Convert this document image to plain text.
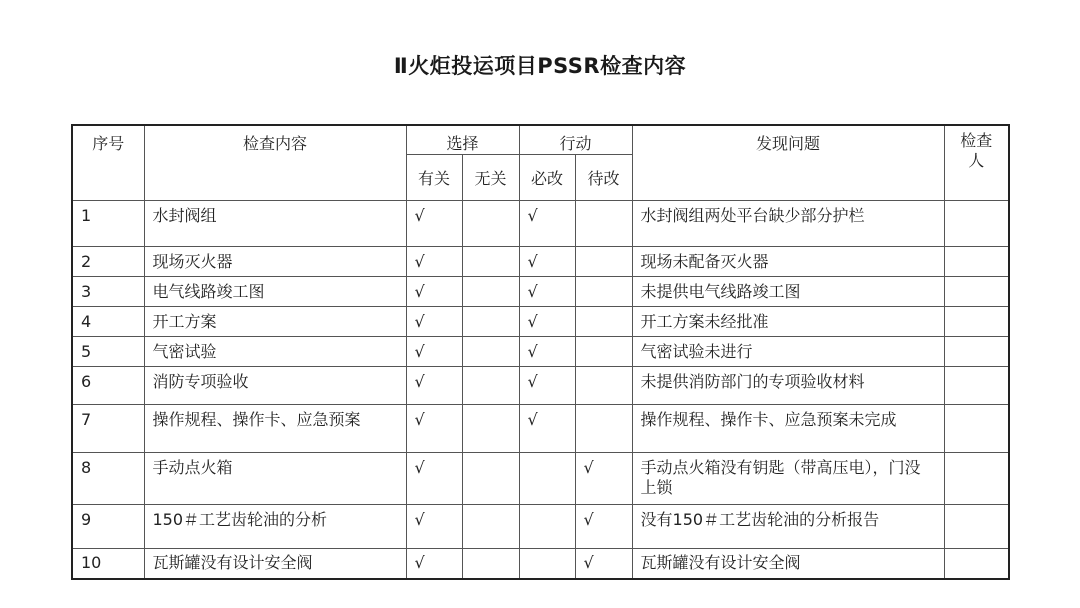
Ⅱ火炬投运项目PSSR检查内容
序号	检查内容	选择		行动		发现问题	检查人
		有关	无关	必改	待改		
1	水封阀组	√		√		水封阀组两处平台缺少部分护栏	
2	现场灭火器	√		√		现场未配备灭火器	
3	电气线路竣工图	√		√		未提供电气线路竣工图	
4	开工方案	√		√		开工方案未经批准	
5	气密试验	√		√		气密试验未进行	
6	消防专项验收	√		√		未提供消防部门的专项验收材料	
7	操作规程、操作卡、应急预案	√		√		操作规程、操作卡、应急预案未完成	
8	手动点火箱	√			√	手动点火箱没有钥匙（带高压电），门没上锁	
9	150＃工艺齿轮油的分析	√			√	没有150＃工艺齿轮油的分析报告	
10	瓦斯罐没有设计安全阀	√			√	瓦斯罐没有设计安全阀	
